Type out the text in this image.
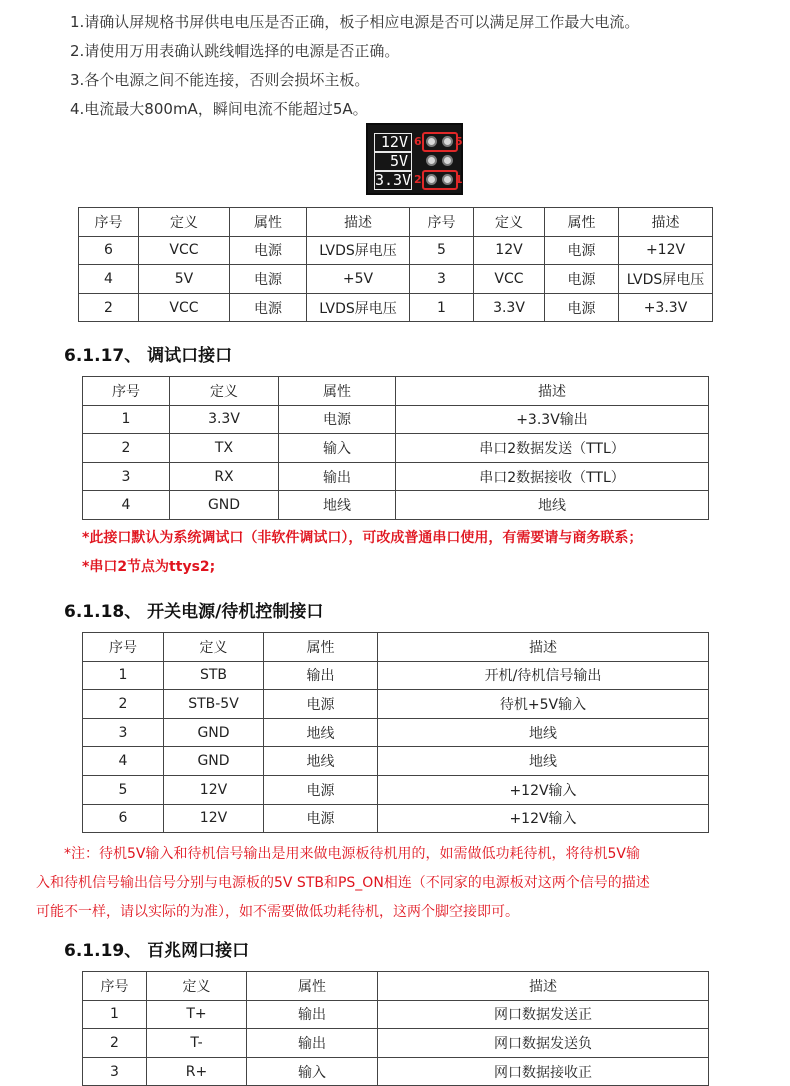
1.请确认屏规格书屏供电电压是否正确，板子相应电源是否可以满足屏工作最大电流。
2.请使用万用表确认跳线帽选择的电源是否正确。
3.各个电源之间不能连接，否则会损坏主板。
4.电流最大800mA，瞬间电流不能超过5A。
12V
5V
3.3V
6	5
2	1
序号	定义	属性	描述	序号	定义	属性	描述
6	VCC	电源	LVDS屏电压	5	12V	电源	+12V
4	5V	电源	+5V	3	VCC	电源	LVDS屏电压
2	VCC	电源	LVDS屏电压	1	3.3V	电源	+3.3V
6.1.17、 调试口接口
序号	定义	属性	描述
1	3.3V	电源	+3.3V输出
2	TX	输入	串口2数据发送（TTL）
3	RX	输出	串口2数据接收（TTL）
4	GND	地线	地线
*此接口默认为系统调试口（非软件调试口），可改成普通串口使用，有需要请与商务联系；
*串口2节点为ttys2;
6.1.18、 开关电源/待机控制接口
序号	定义	属性	描述
1	STB	输出	开机/待机信号输出
2	STB-5V	电源	待机+5V输入
3	GND	地线	地线
4	GND	地线	地线
5	12V	电源	+12V输入
6	12V	电源	+12V输入
　　*注：待机5V输入和待机信号输出是用来做电源板待机用的，如需做低功耗待机，将待机5V输
入和待机信号输出信号分别与电源板的5V STB和PS_ON相连（不同家的电源板对这两个信号的描述
可能不一样，请以实际的为准），如不需要做低功耗待机，这两个脚空接即可。
6.1.19、 百兆网口接口
序号	定义	属性	描述
1	T+	输出	网口数据发送正
2	T-	输出	网口数据发送负
3	R+	输入	网口数据接收正
